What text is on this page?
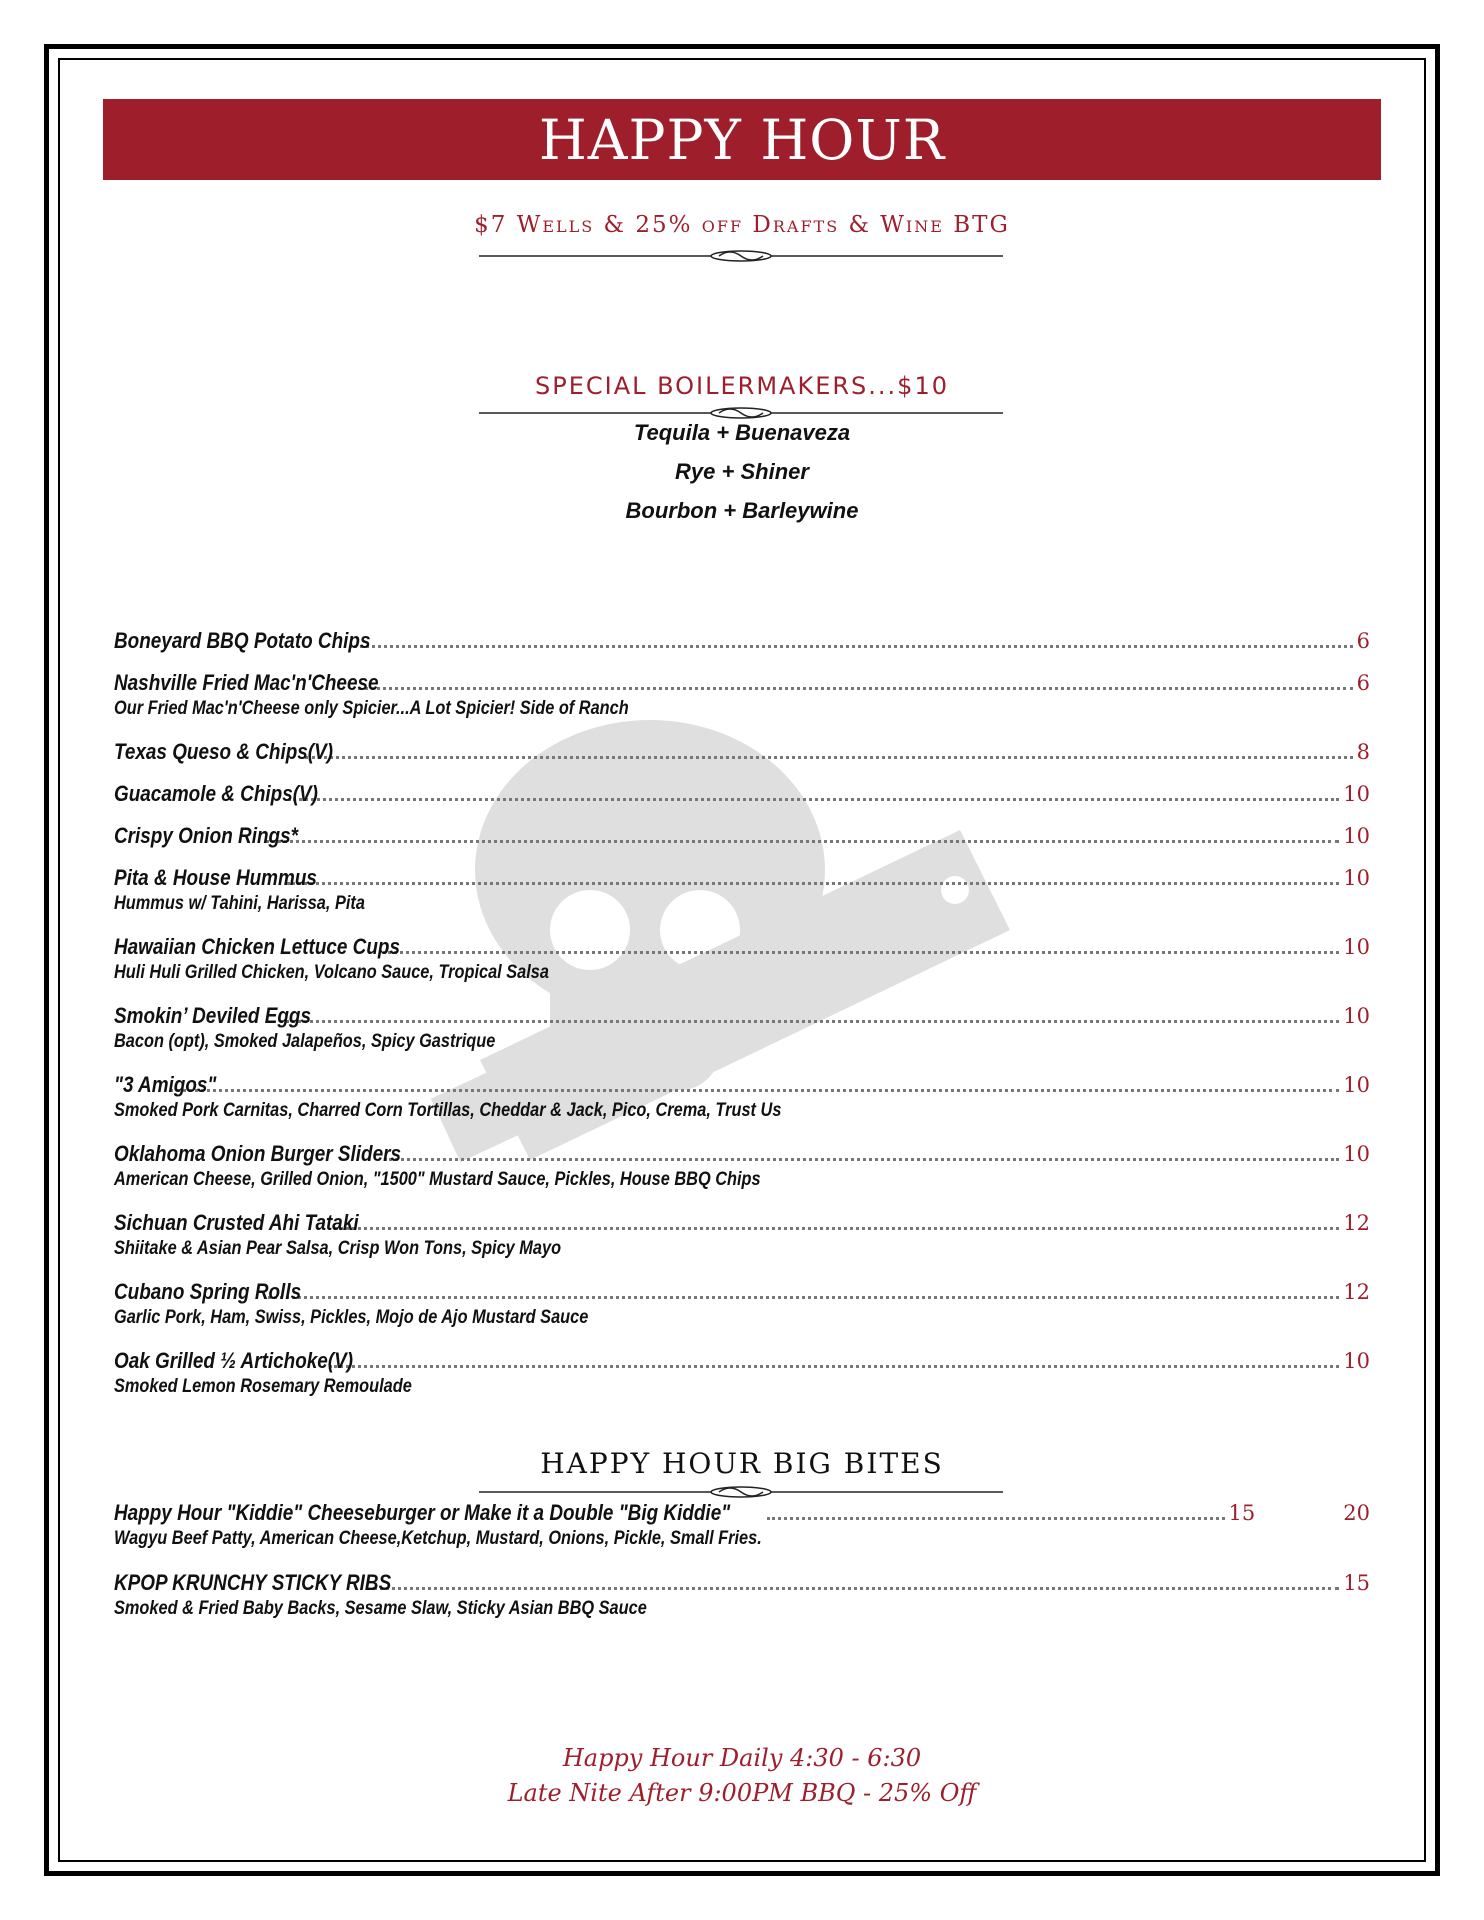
HAPPY HOUR
$7 Wells & 25% off Drafts & Wine BTG
SPECIAL BOILERMAKERS...$10
Tequila + Buenaveza
Rye + Shiner
Bourbon + Barleywine
Boneyard BBQ Potato Chips	6
Nashville Fried Mac'n'Cheese	6
Our Fried Mac'n'Cheese only Spicier...A Lot Spicier! Side of Ranch
Texas Queso & Chips(V)	8
Guacamole & Chips(V)	10
Crispy Onion Rings*	10
Pita & House Hummus	10
Hummus w/ Tahini, Harissa, Pita
Hawaiian Chicken Lettuce Cups	10
Huli Huli Grilled Chicken, Volcano Sauce, Tropical Salsa
Smokin’ Deviled Eggs	10
Bacon (opt), Smoked Jalapeños, Spicy Gastrique
"3 Amigos"	10
Smoked Pork Carnitas, Charred Corn Tortillas, Cheddar & Jack, Pico, Crema, Trust Us
Oklahoma Onion Burger Sliders	10
American Cheese, Grilled Onion, "1500" Mustard Sauce, Pickles, House BBQ Chips
Sichuan Crusted Ahi Tataki	12
Shiitake & Asian Pear Salsa, Crisp Won Tons, Spicy Mayo
Cubano Spring Rolls	12
Garlic Pork, Ham, Swiss, Pickles, Mojo de Ajo Mustard Sauce
Oak Grilled ½ Artichoke(V)	10
Smoked Lemon Rosemary Remoulade
HAPPY HOUR BIG BITES
Happy Hour "Kiddie" Cheeseburger or Make it a Double "Big Kiddie"	15	20
Wagyu Beef Patty, American Cheese,Ketchup, Mustard, Onions, Pickle, Small Fries.
KPOP KRUNCHY STICKY RIBS	15
Smoked & Fried Baby Backs, Sesame Slaw, Sticky Asian BBQ Sauce
Happy Hour Daily 4:30 - 6:30
Late Nite After 9:00PM BBQ - 25% Off
